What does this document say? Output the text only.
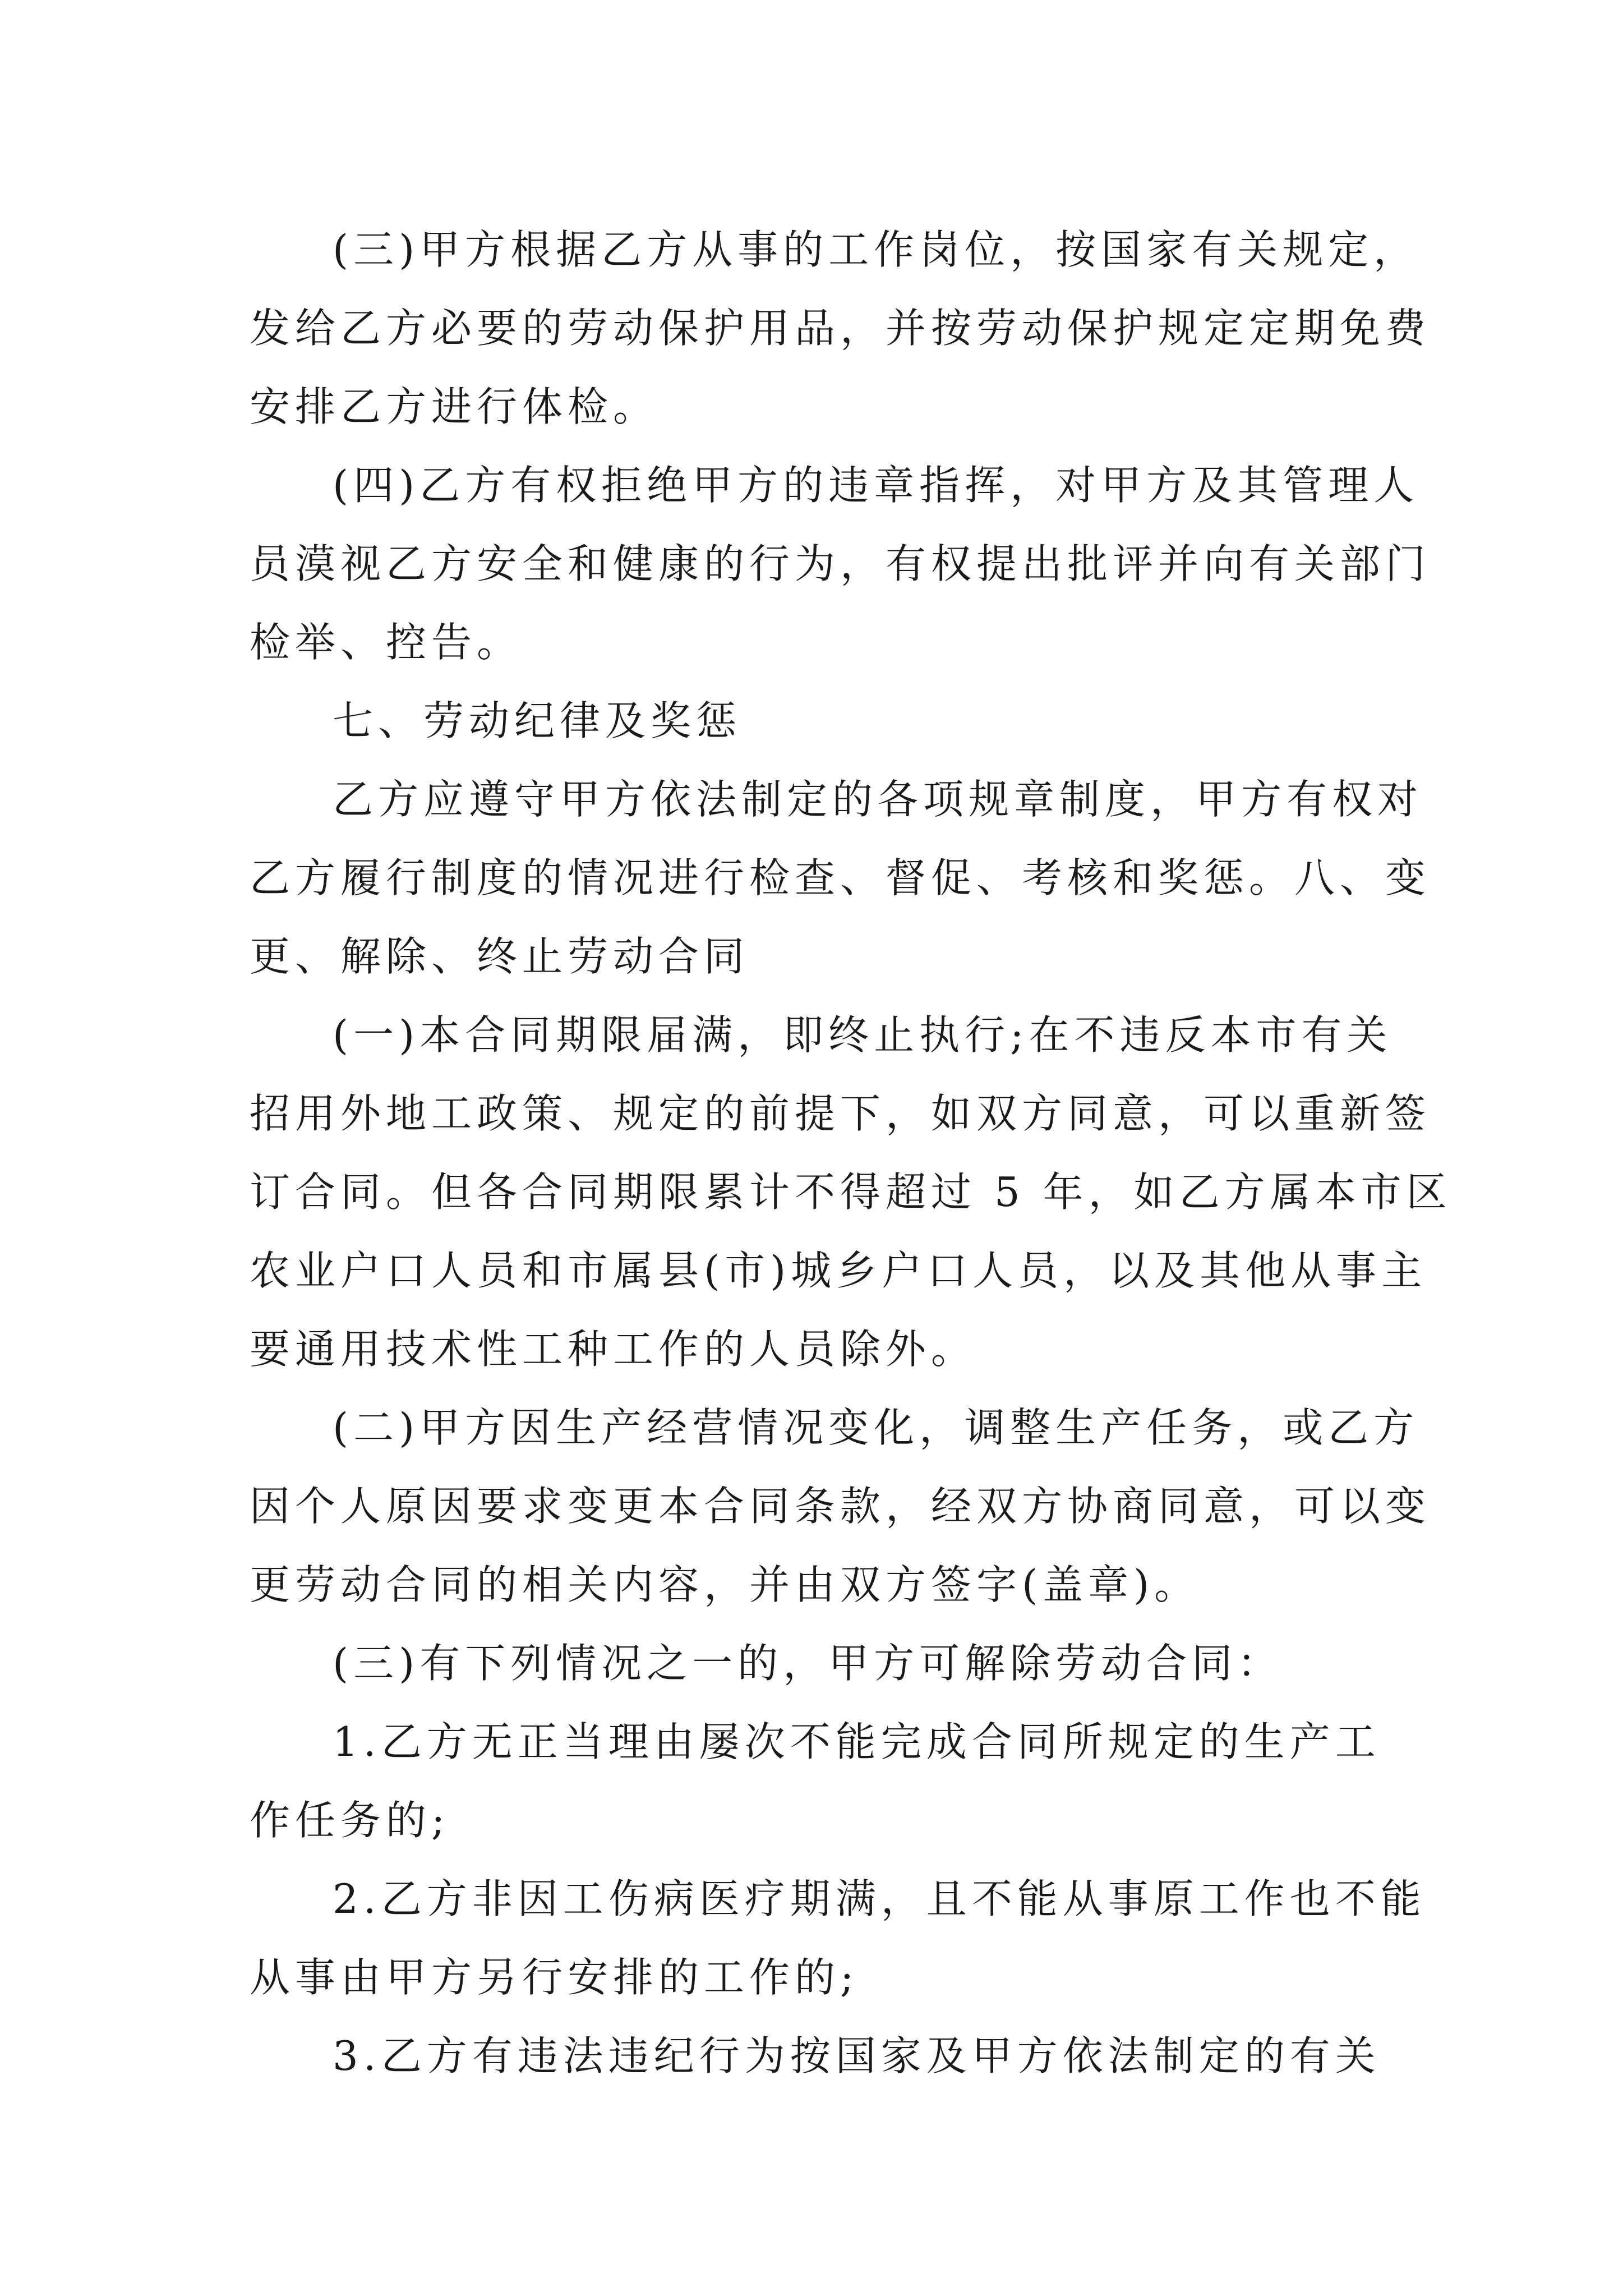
(三)甲方根据乙方从事的工作岗位，按国家有关规定，
发给乙方必要的劳动保护用品，并按劳动保护规定定期免费
安排乙方进行体检。
(四)乙方有权拒绝甲方的违章指挥，对甲方及其管理人
员漠视乙方安全和健康的行为，有权提出批评并向有关部门
检举、控告。
七、劳动纪律及奖惩
乙方应遵守甲方依法制定的各项规章制度，甲方有权对
乙方履行制度的情况进行检查、督促、考核和奖惩。八、变
更、解除、终止劳动合同
(一)本合同期限届满，即终止执行;在不违反本市有关
招用外地工政策、规定的前提下，如双方同意，可以重新签
订合同。但各合同期限累计不得超过 5 年，如乙方属本市区
农业户口人员和市属县(市)城乡户口人员，以及其他从事主
要通用技术性工种工作的人员除外。
(二)甲方因生产经营情况变化，调整生产任务，或乙方
因个人原因要求变更本合同条款，经双方协商同意，可以变
更劳动合同的相关内容，并由双方签字(盖章)。
(三)有下列情况之一的，甲方可解除劳动合同：
1.乙方无正当理由屡次不能完成合同所规定的生产工
作任务的;
2.乙方非因工伤病医疗期满，且不能从事原工作也不能
从事由甲方另行安排的工作的;
3.乙方有违法违纪行为按国家及甲方依法制定的有关
